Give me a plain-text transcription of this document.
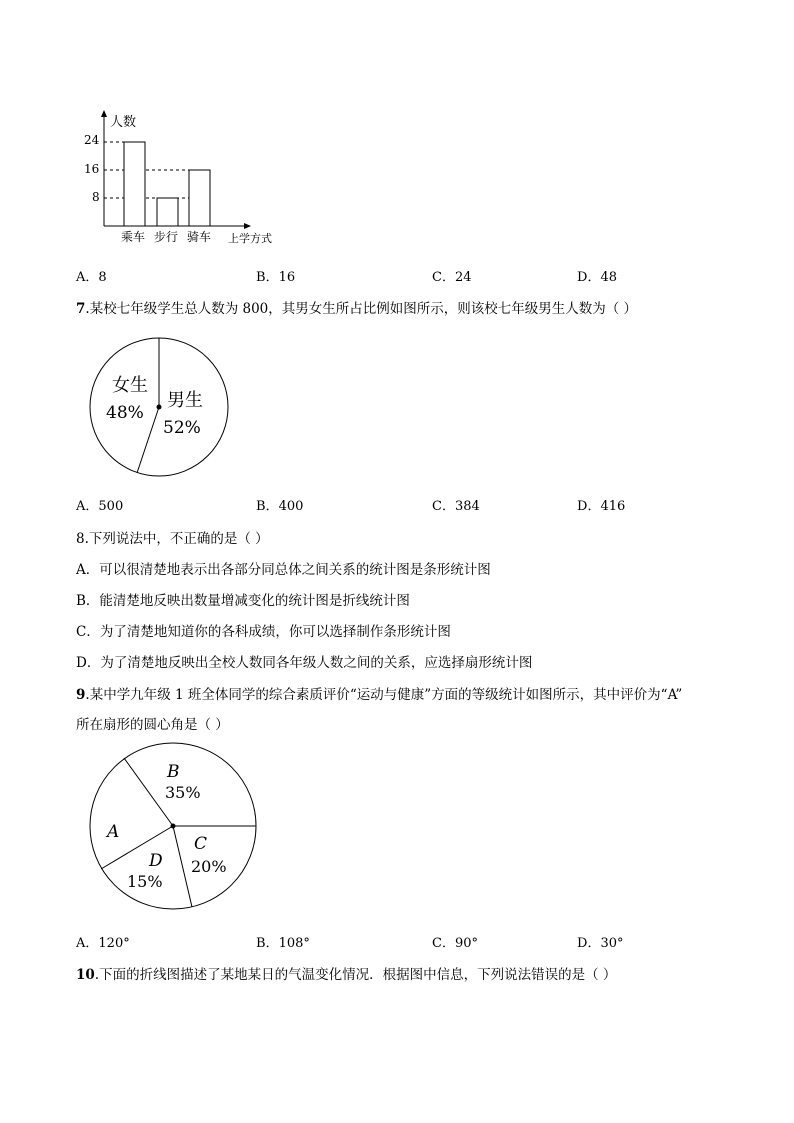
人数
24
16
8
乘车 步行 骑车 上学方式
A．8	B．16	C．24	D．48
7.某校七年级学生总人数为 800，其男女生所占比例如图所示，则该校七年级男生人数为（ ）
女生
48%
男生
52%
A．500	B．400	C．384	D．416
8.下列说法中，不正确的是（ ）
A．可以很清楚地表示出各部分同总体之间关系的统计图是条形统计图
B．能清楚地反映出数量增减变化的统计图是折线统计图
C．为了清楚地知道你的各科成绩，你可以选择制作条形统计图
D．为了清楚地反映出全校人数同各年级人数之间的关系，应选择扇形统计图
9.某中学九年级 1 班全体同学的综合素质评价“运动与健康”方面的等级统计如图所示，其中评价为“A”
所在扇形的圆心角是（ ）
A
B
35%
C
20%
D
15%
A．120°	B．108°	C．90°	D．30°
10.下面的折线图描述了某地某日的气温变化情况．根据图中信息，下列说法错误的是（ ）
